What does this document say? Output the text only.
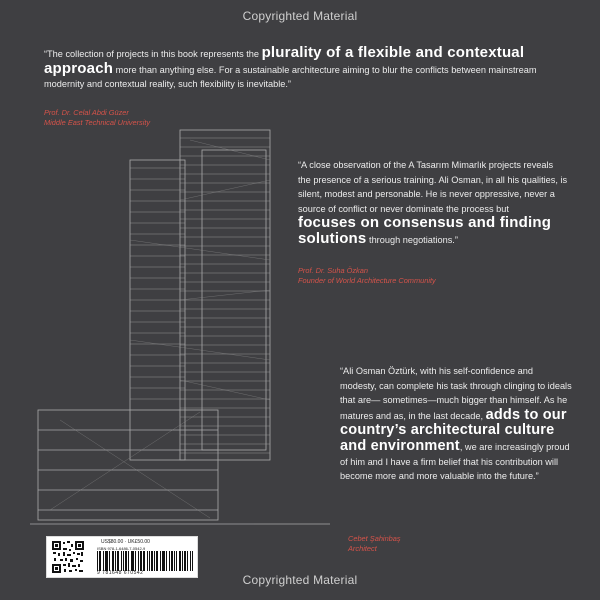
Copyrighted Material
“The collection of projects in this book represents the plurality of a flexible and contextual approach more than anything else. For a sustainable architecture aiming to blur the conflicts between mainstream modernity and contextual reality, such flexibility is inevitable.”
Prof. Dr. Celal Abdi Güzer
Middle East Technical University
“A close observation of the A Tasarım Mimarlık projects reveals the presence of a serious training. Ali Osman, in all his qualities, is silent, modest and personable. He is never oppressive, never a source of conflict or never dominate the process but focuses on consensus and finding solutions through negotiations.”
Prof. Dr. Suha Özkan
Founder of World Architecture Community
“Ali Osman Öztürk, with his self-confidence and modesty, can complete his task through clinging to ideals that are— sometimes—much bigger than himself. As he matures and as, in the last decade, adds to our country’s architectural culture and environment, we are increasingly proud of him and I have a firm belief that his contribution will become more and more valuable into the future.”
Cebet Şahinbaş
Architect
US$80.00 · UK£50.00
ISBN 978-1-6486-7-0542-9
9 781648 670542	Copyrighted Material
